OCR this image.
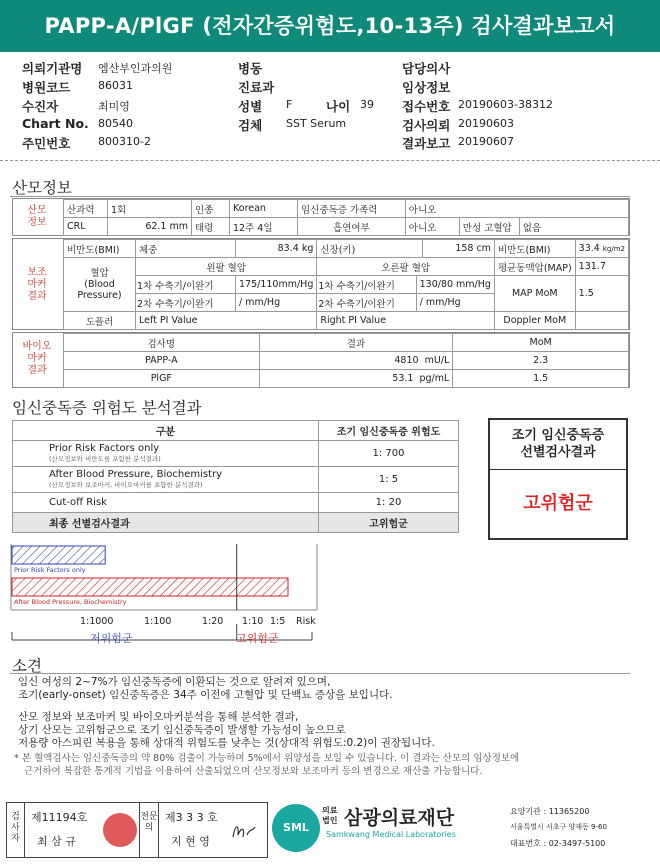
PAPP-A/PlGF (전자간증위험도,10-13주) 검사결과보고서
의뢰기관명 엠산부인과의원
병원코드	86031
수진자	최미영
Chart No. 80540
주민번호	800310-2
병동
진료과
성별 F	나이 39
검체 SST Serum
담당의사
임상정보
접수번호 20190603-38312
검사의뢰 20190603
결과보고 20190607
산모정보
산모
정보
산과력	1회	인종	Korean	임신중독증 가족력	아니오		
CRL	62.1 mm	태령	12주 4일	흡연여부	아니오	만성 고혈압	없음
보조
마커
결과
비만도(BMI)	체중	83.4 kg	신장(키)		158 cm	비만도(BMI)	33.4 kg/m2
혈압
(Blood
Pressure)	왼팔 혈압		오른팔 혈압			평균동맥압(MAP)	131.7
	1차 수축기/이완기	175/110mm/Hg	1차 수축기/이완기	130/80 mm/Hg		MAP MoM	1.5
	2차 수축기/이완기	/ mm/Hg	2차 수축기/이완기	/ mm/Hg			
도플러	Left PI Value		Right PI Value			Doppler MoM	
바이오
마커
결과
검사명	결과	MoM
PAPP-A	4810 mU/L	2.3
PlGF	53.1 pg/mL	1.5
임신중독증 위험도 분석결과
구분	조기 임신중독증 위험도

Prior Risk Factors only
(산모정보와 비만도를 포함한 분석결과)	1: 700

After Blood Pressure, Biochemistry
(산모정보와 보조마커, 바이오마커를 포함한 분석결과)	1: 5
Cut-off Risk	1: 20
최종 선별검사결과	고위험군
조기 임신중독증
선별검사결과
고위험군
Prior Risk Factors only
After Blood Pressure, Biochemistry
1:1000	1:100	1:20 1:10 1:5 Risk
저위험군	고위험군
소견
임신 여성의 2~7%가 임신중독증에 이환되는 것으로 알려져 있으며,
조기(early-onset) 임신중독증은 34주 이전에 고혈압 및 단백뇨 증상을 보입니다.
산모 정보와 보조마커 및 바이오마커분석을 통해 분석한 결과,
상기 산모는 고위험군으로 조기 임신중독증이 발생할 가능성이 높으므로
저용량 아스피린 복용을 통해 상대적 위험도를 낮추는 것(상대적 위험도:0.2)이 권장됩니다.
* 본 혈액검사는 임신중독증의 약 80% 검출이 가능하며 5%에서 위양성을 보일 수 있습니다. 이 결과는 산모의 임상정보에
근거하여 복잡한 통계적 기법을 이용하여 산출되었으며 산모정보와 보조마커 등의 변경으로 재산출 가능합니다.
검사자
제11194호
최 삼 규
전문의
제3 3 3 호
지 현 영
SML
의료
법인 삼광의료재단
Samkwang Medical Laboratories
요양기관 : 11365200
서울특별시 서초구 양재동 9-60
대표번호 : 02-3497-5100
